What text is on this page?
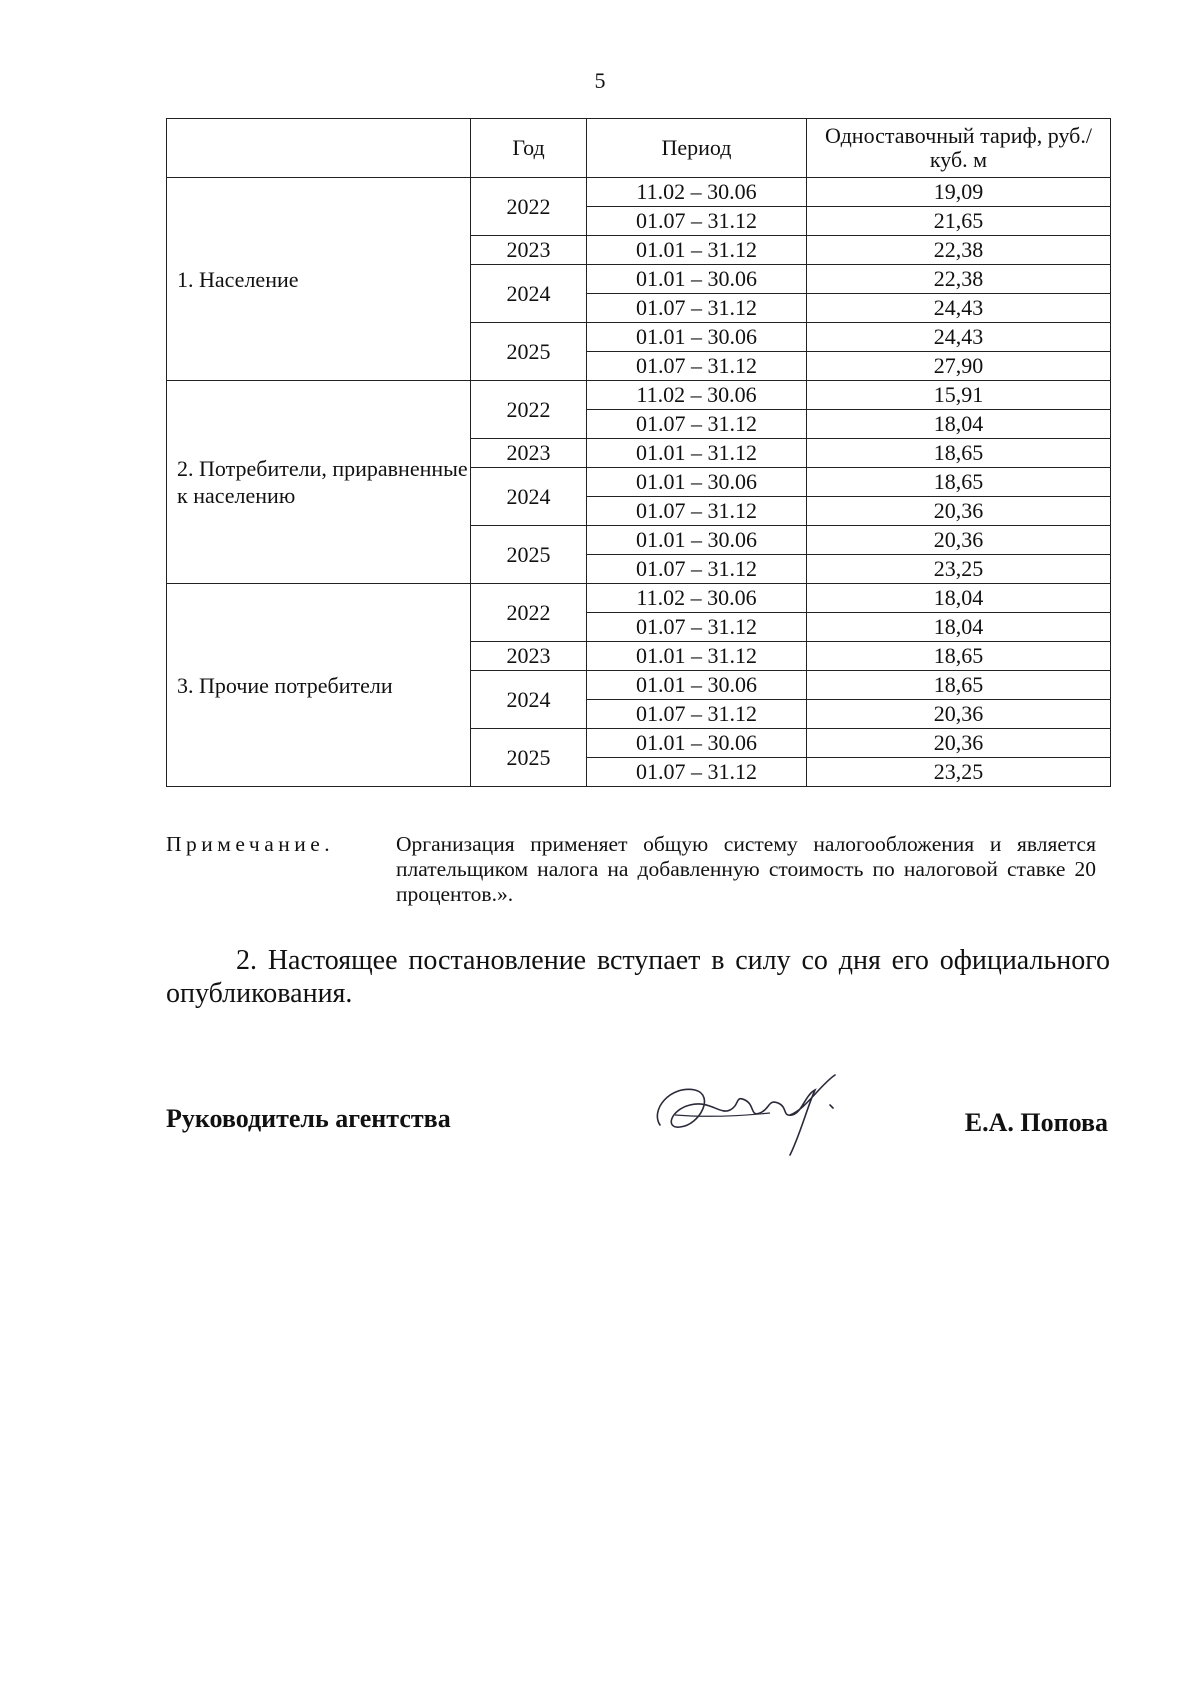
5
	Год	Период	Одноставочный тариф, руб./куб. м
1. Население	2022	11.02 – 30.06	19,09
		01.07 – 31.12	21,65
	2023	01.01 – 31.12	22,38
	2024	01.01 – 30.06	22,38
		01.07 – 31.12	24,43
	2025	01.01 – 30.06	24,43
		01.07 – 31.12	27,90
2. Потребители, приравненные к населению	2022	11.02 – 30.06	15,91
		01.07 – 31.12	18,04
	2023	01.01 – 31.12	18,65
	2024	01.01 – 30.06	18,65
		01.07 – 31.12	20,36
	2025	01.01 – 30.06	20,36
		01.07 – 31.12	23,25
3. Прочие потребители	2022	11.02 – 30.06	18,04
		01.07 – 31.12	18,04
	2023	01.01 – 31.12	18,65
	2024	01.01 – 30.06	18,65
		01.07 – 31.12	20,36
	2025	01.01 – 30.06	20,36
		01.07 – 31.12	23,25
Примечание.	Организация применяет общую систему налогообложения и является плательщиком налога на добавленную стоимость по налоговой ставке 20 процентов.».
2. Настоящее постановление вступает в силу со дня его официального опубликования.
Руководитель агентства	Е.А. Попова
